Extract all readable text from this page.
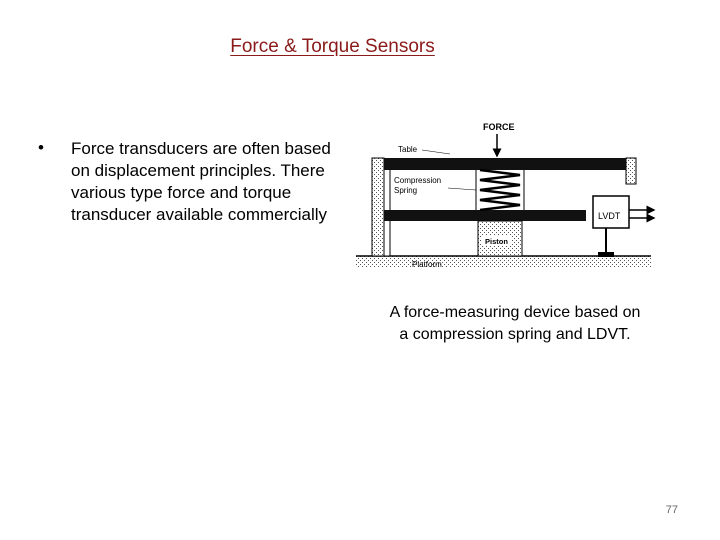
Force & Torque Sensors
• Force transducers are often based
on displacement principles. There
various type force and torque
transducer available commercially
FORCE
Table
Compression
Spring
LVDT
Piston
Platform
A force-measuring device based on
a compression spring and LDVT.
77
